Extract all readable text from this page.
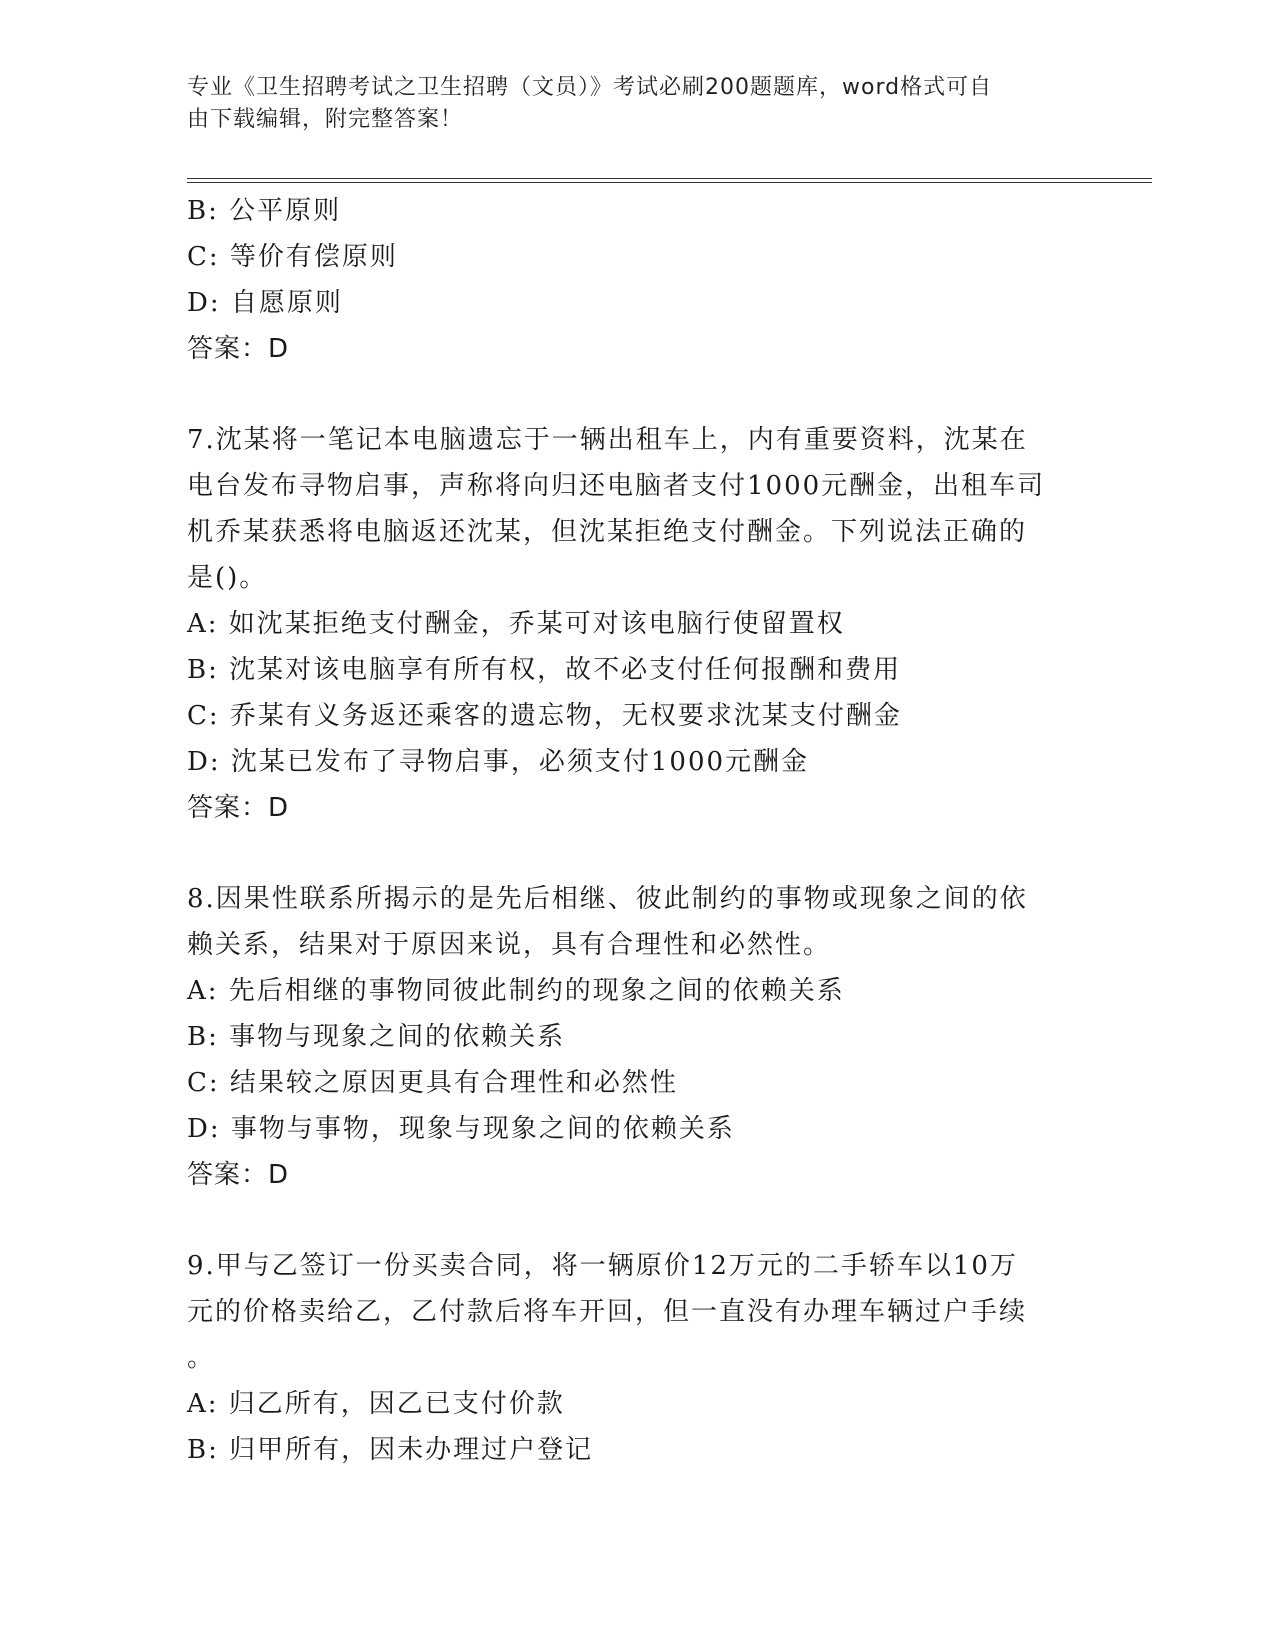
专业《卫生招聘考试之卫生招聘（文员）》考试必刷200题题库，word格式可自
由下载编辑，附完整答案！
B: 公平原则
C: 等价有偿原则
D: 自愿原则
答案：D
7.沈某将一笔记本电脑遗忘于一辆出租车上，内有重要资料，沈某在
电台发布寻物启事，声称将向归还电脑者支付1000元酬金，出租车司
机乔某获悉将电脑返还沈某，但沈某拒绝支付酬金。下列说法正确的
是()。
A: 如沈某拒绝支付酬金，乔某可对该电脑行使留置权
B: 沈某对该电脑享有所有权，故不必支付任何报酬和费用
C: 乔某有义务返还乘客的遗忘物，无权要求沈某支付酬金
D: 沈某已发布了寻物启事，必须支付1000元酬金
答案：D
8.因果性联系所揭示的是先后相继、彼此制约的事物或现象之间的依
赖关系，结果对于原因来说，具有合理性和必然性。
A: 先后相继的事物同彼此制约的现象之间的依赖关系
B: 事物与现象之间的依赖关系
C: 结果较之原因更具有合理性和必然性
D: 事物与事物，现象与现象之间的依赖关系
答案：D
9.甲与乙签订一份买卖合同，将一辆原价12万元的二手轿车以10万
元的价格卖给乙，乙付款后将车开回，但一直没有办理车辆过户手续
。
A: 归乙所有，因乙已支付价款
B: 归甲所有，因未办理过户登记
